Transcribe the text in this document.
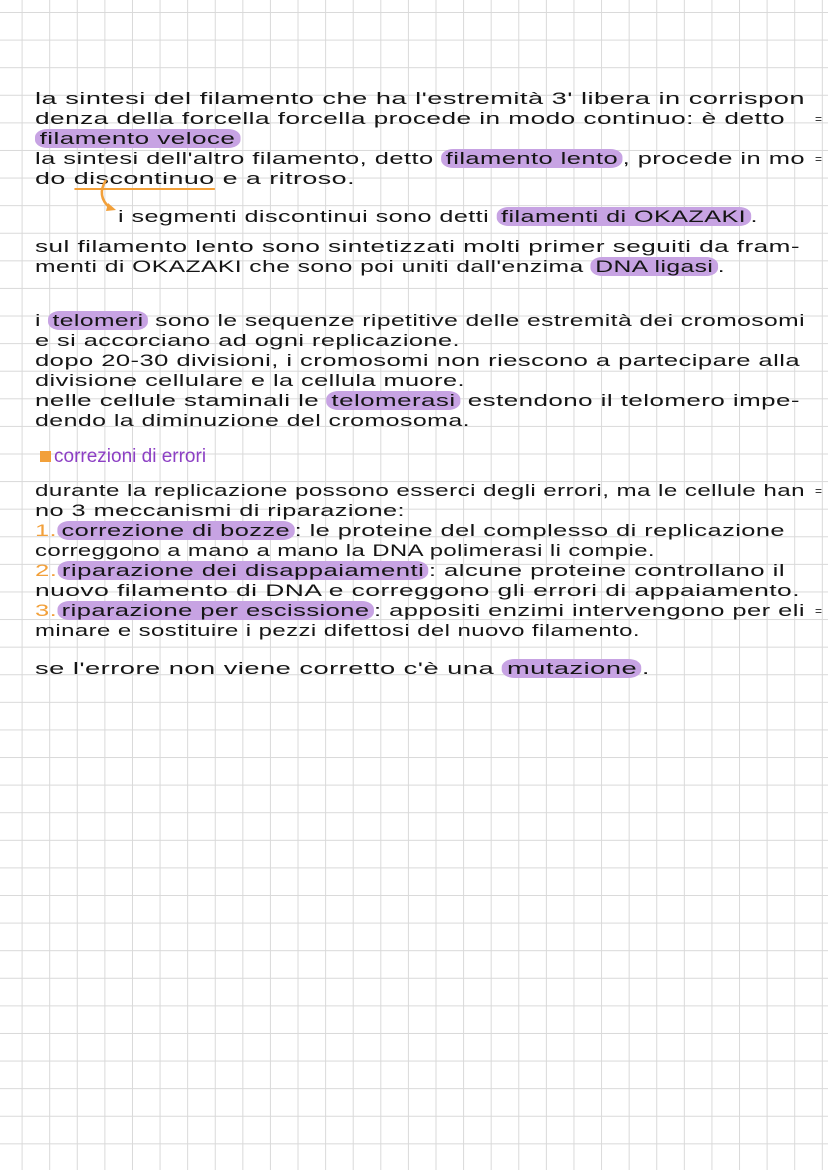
la sintesi del filamento che ha l'estremità 3' libera in corrispon
denza della forcella forcella procede in modo continuo: è detto
filamento veloce
la sintesi dell'altro filamento, detto filamento lento , procede in mo
do discontinuo e a ritroso.
i segmenti discontinui sono detti filamenti di OKAZAKI .
sul filamento lento sono sintetizzati molti primer seguiti da fram-
menti di OKAZAKI che sono poi uniti dall'enzima DNA ligasi .
i telomeri sono le sequenze ripetitive delle estremità dei cromosomi
e si accorciano ad ogni replicazione.
dopo 20-30 divisioni, i cromosomi non riescono a partecipare alla
divisione cellulare e la cellula muore.
nelle cellule staminali le telomerasi estendono il telomero impe-
dendo la diminuzione del cromosoma.
durante la replicazione possono esserci degli errori, ma le cellule han
no 3 meccanismi di riparazione:
1. correzione di bozze : le proteine del complesso di replicazione
correggono a mano a mano la DNA polimerasi li compie.
2. riparazione dei disappaiamenti : alcune proteine controllano il
nuovo filamento di DNA e correggono gli errori di appaiamento.
3. riparazione per escissione : appositi enzimi intervengono per eli
minare e sostituire i pezzi difettosi del nuovo filamento.
se l'errore non viene corretto c'è una mutazione .
correzioni di errori
=
=
=
=
